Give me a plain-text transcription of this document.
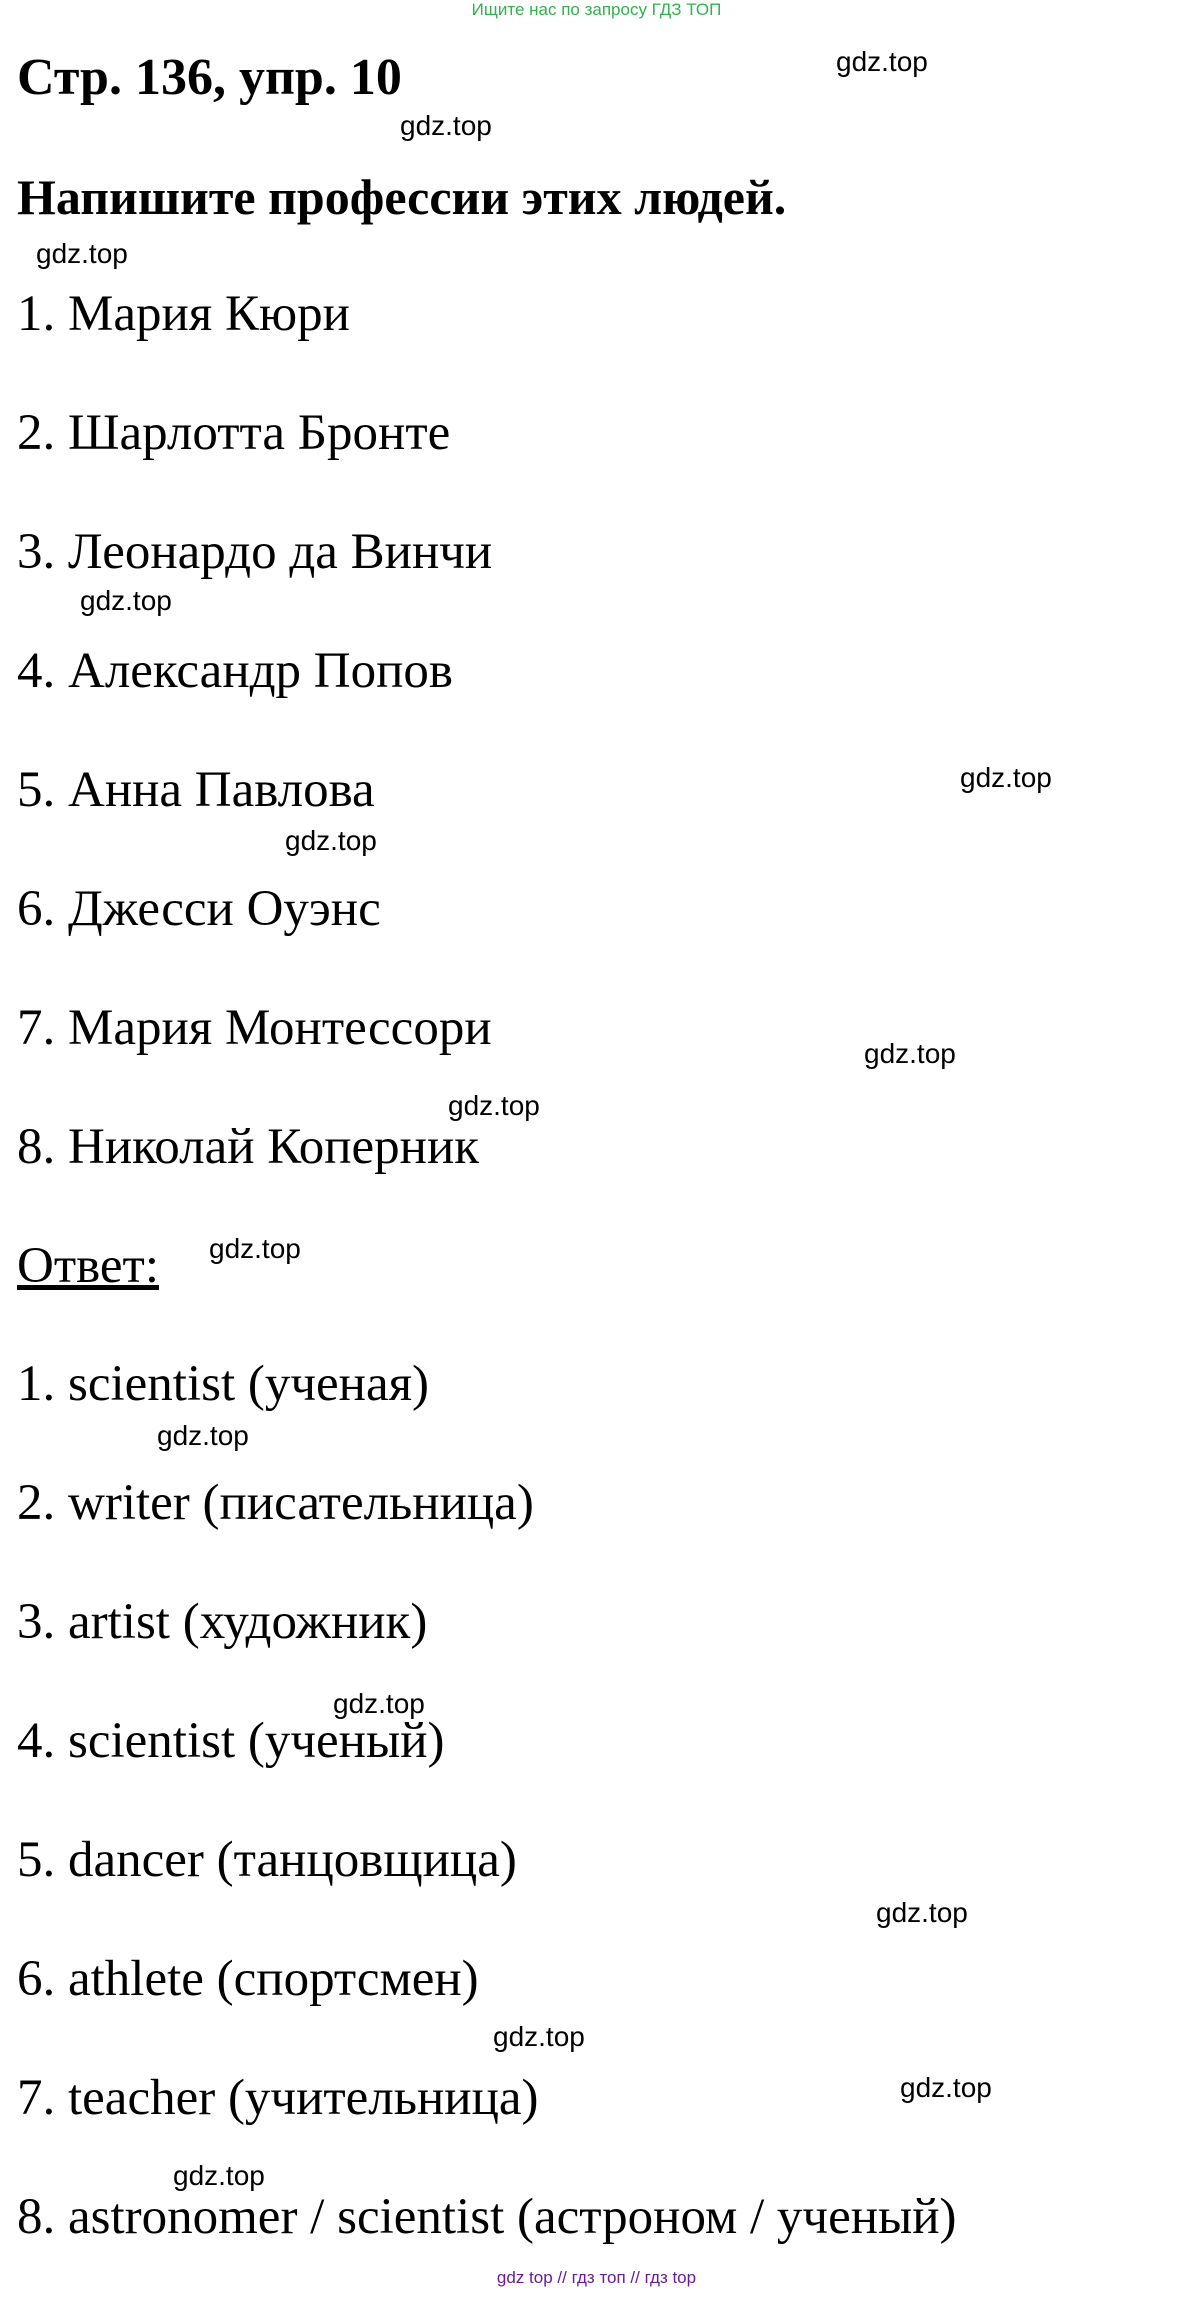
Ищите нас по запросу ГДЗ ТОП
Стр. 136, упр. 10
Напишите профессии этих людей.
1. Мария Кюри
2. Шарлотта Бронте
3. Леонардо да Винчи
4. Александр Попов
5. Анна Павлова
6. Джесси Оуэнс
7. Мария Монтессори
8. Николай Коперник
Ответ:
1. scientist (ученая)
2. writer (писательница)
3. artist (художник)
4. scientist (ученый)
5. dancer (танцовщица)
6. athlete (спортсмен)
7. teacher (учительница)
8. astronomer / scientist (астроном / ученый)
gdz.top
gdz.top
gdz.top
gdz.top
gdz.top
gdz.top
gdz.top
gdz.top
gdz.top
gdz.top
gdz.top
gdz.top
gdz.top
gdz.top
gdz.top
gdz top // гдз топ // гдз top
